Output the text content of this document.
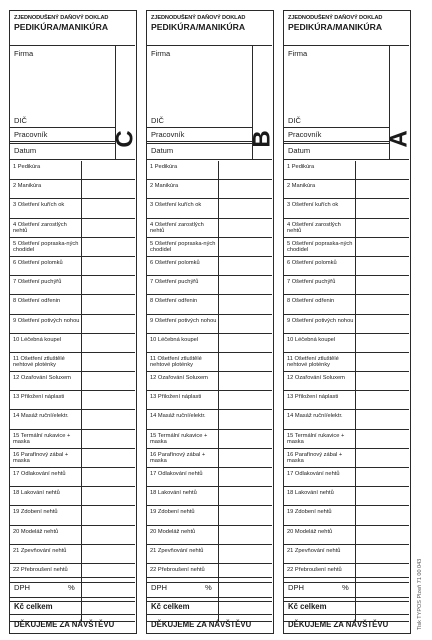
ZJEDNODUŠENÝ DAŇOVÝ DOKLAD
PEDIKÚRA/MANIKÚRA
Firma
DIČ
Pracovník
Datum
C
1 Pedikúra
2 Manikúra
3 Ošetření kuřích ok
4 Ošetření zarostlých nehtů
5 Ošetření popraska-ných chodidel
6 Ošetření polomků
7 Ošetření puchýřů
8 Ošetření odřenin
9 Ošetření potivých nohou
10 Léčebná koupel
11 Ošetření ztluštělé nehtové ploténky
12 Ozařování Soluxem
13 Přiložení náplasti
14 Masáž ruční/elektr.
15 Termální rukavice + maska
16 Parafínový zábal + maska
17 Odlakování nehtů
18 Lakování nehtů
19 Zdobení nehtů
20 Modeláž nehtů
21 Zpevňování nehtů
22 Přebroušení nehtů
DPH	%
Kč celkem
DĚKUJEME ZA NÁVŠTĚVU
ZJEDNODUŠENÝ DAŇOVÝ DOKLAD
PEDIKÚRA/MANIKÚRA
Firma
DIČ
Pracovník
Datum
B
1 Pedikúra
2 Manikúra
3 Ošetření kuřích ok
4 Ošetření zarostlých nehtů
5 Ošetření popraska-ných chodidel
6 Ošetření polomků
7 Ošetření puchýřů
8 Ošetření odřenin
9 Ošetření potivých nohou
10 Léčebná koupel
11 Ošetření ztluštělé nehtové ploténky
12 Ozařování Soluxem
13 Přiložení náplasti
14 Masáž ruční/elektr.
15 Termální rukavice + maska
16 Parafínový zábal + maska
17 Odlakování nehtů
18 Lakování nehtů
19 Zdobení nehtů
20 Modeláž nehtů
21 Zpevňování nehtů
22 Přebroušení nehtů
DPH	%
Kč celkem
DĚKUJEME ZA NÁVŠTĚVU
ZJEDNODUŠENÝ DAŇOVÝ DOKLAD
PEDIKÚRA/MANIKÚRA
Firma
DIČ
Pracovník
Datum
A
1 Pedikúra
2 Manikúra
3 Ošetření kuřích ok
4 Ošetření zarostlých nehtů
5 Ošetření popraska-ných chodidel
6 Ošetření polomků
7 Ošetření puchýřů
8 Ošetření odřenin
9 Ošetření potivých nohou
10 Léčebná koupel
11 Ošetření ztluštělé nehtové ploténky
12 Ozařování Soluxem
13 Přiložení náplasti
14 Masáž ruční/elektr.
15 Termální rukavice + maska
16 Parafínový zábal + maska
17 Odlakování nehtů
18 Lakování nehtů
19 Zdobení nehtů
20 Modeláž nehtů
21 Zpevňování nehtů
22 Přebroušení nehtů
DPH	%
Kč celkem
DĚKUJEME ZA NÁVŠTĚVU	Tisk TYPOS Plzeň 71 00 043
